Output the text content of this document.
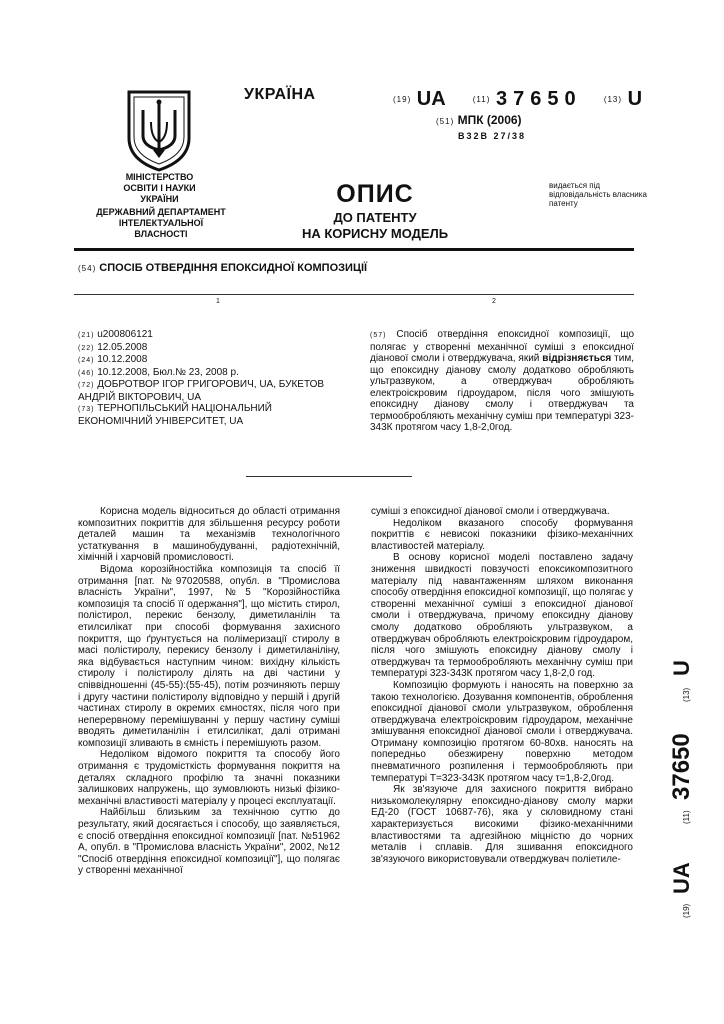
УКРАЇНА	(19) UA	(11) 37650	(13) U
(51) МПК (2006)
B32B 27/38
МІНІСТЕРСТВО ОСВІТИ І НАУКИ УКРАЇНИ
ДЕРЖАВНИЙ ДЕПАРТАМЕНТ ІНТЕЛЕКТУАЛЬНОЇ ВЛАСНОСТІ
ОПИС
ДО ПАТЕНТУ
НА КОРИСНУ МОДЕЛЬ
видається під відповідальність власника патенту
(54) СПОСІБ ОТВЕРДІННЯ ЕПОКСИДНОЇ КОМПОЗИЦІЇ
1	2
(21) u200806121
(22) 12.05.2008
(24) 10.12.2008
(46) 10.12.2008, Бюл.№ 23, 2008 р.
(72) ДОБРОТВОР ІГОР ГРИГОРОВИЧ, UA, БУКЕТОВ АНДРІЙ ВІКТОРОВИЧ, UA
(73) ТЕРНОПІЛЬСЬКИЙ НАЦІОНАЛЬНИЙ ЕКОНОМІЧНИЙ УНІВЕРСИТЕТ, UA
(57) Спосіб отвердіння епоксидної композиції, що полягає у створенні механічної суміші з епоксидної діанової смоли і отверджувача, який відрізняється тим, що епоксидну діанову смолу додатково обробляють ультразвуком, а отверджувач обробляють електроіскровим гідроударом, після чого змішують епоксидну діанову смолу і отверджувач та термообробляють механічну суміш при температурі 323-343К протягом часу 1,8-2,0год.

Корисна модель відноситься до області отримання композитних покриттів для збільшення ресурсу роботи деталей машин та механізмів технологічного устаткування в машинобудуванні, радіотехнічній, хімічній і харчовій промисловості.

Відома корозійностійка композиція та спосіб її отримання [пат. №97020588, опубл. в "Промислова власність України", 1997, №5 "Корозійностійка композиція та спосіб її одержання"], що містить стирол, полістирол, перекис бензолу, диметиланілін та етилсилікат при способі формування захисного покриття, що ґрунтується на полімеризації стиролу в масі полістиролу, перекису бензолу і диметиланіліну, яка відбувається наступним чином: вихідну кількість стиролу і полістиролу ділять на дві частини у співвідношенні (45-55):(55-45), потім розчиняють першу і другу частини полістиролу відповідно у першій і другій частинах стиролу в окремих ємностях, після чого при неперервному перемішуванні у першу частину суміші вводять диметиланілін і етилсилікат, далі отримані композиції зливають в ємність і перемішують разом.

Недоліком відомого покриття та способу його отримання є трудомісткість формування покриття на деталях складного профілю та значні показники залишкових напружень, що зумовлюють низькі фізико-механічні властивості матеріалу у процесі експлуатації.

Найбільш близьким за технічною суттю до результату, який досягається і способу, що заявляється, є спосіб отвердіння епоксидної композиції [пат. №51962 А, опубл. в "Промислова власність України", 2002, №12 "Спосіб отвердіння епоксидної композиції"], що полягає у створенні механічної

суміші з епоксидної діанової смоли і отверджувача.

Недоліком вказаного способу формування покриттів є невисокі показники фізико-механічних властивостей матеріалу.

В основу корисної моделі поставлено задачу зниження швидкості повзучості епоксикомпозитного матеріалу під навантаженням шляхом виконання способу отвердіння епоксидної композиції, що полягає у створенні механічної суміші з епоксидної діанової смоли і отверджувача, причому епоксидну діанову смолу додатково обробляють ультразвуком, а отверджувач обробляють електроіскровим гідроударом, після чого змішують епоксидну діанову смолу і отверджувач та термообробляють механічну суміш при температурі 323-343К протягом часу 1,8-2,0 год.

Композицію формують і наносять на поверхню за такою технологією. Дозування компонентів, оброблення епоксидної діанової смоли ультразвуком, оброблення отверджувача електроіскровим гідроударом, механічне змішування епоксидної діанової смоли і отверджувача. Отриману композицію протягом 60-80хв. наносять на попередньо обезжирену поверхню методом пневматичного розпилення і термообробляють при температурі Т=323-343К протягом часу τ=1,8-2,0год.

Як зв'язуюче для захисного покриття вибрано низькомолекулярну епоксидно-діанову смолу марки ЕД-20 (ГОСТ 10687-76), яка у скловидному стані характеризується високими фізико-механічними властивостями та адгезійною міцністю до чорних металів і сплавів. Для зшивання епоксидного зв'язуючого використовували отверджувач поліетиле-

(19)
UA
(11)
37650
(13)
U
